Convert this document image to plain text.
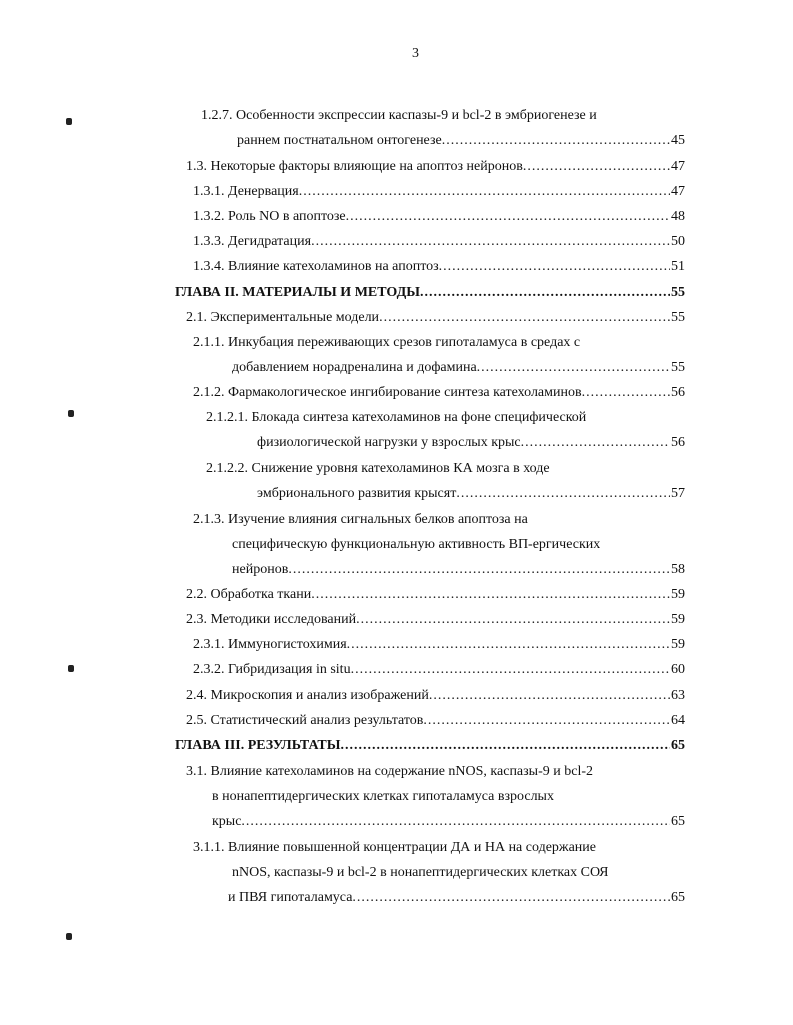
3
1.2.7. Особенности экспрессии каспазы-9 и bcl-2 в эмбриогенезе и
раннем постнатальном онтогенезе .....	45
1.3. Некоторые факторы влияющие на апоптоз нейронов .....	47
1.3.1. Денервация .....	47
1.3.2. Роль NO в апоптозе .....	48
1.3.3. Дегидратация .....	50
1.3.4. Влияние катехоламинов на апоптоз .....	51
ГЛАВА II. МАТЕРИАЛЫ И МЕТОДЫ .....	55
2.1. Экспериментальные модели .....	55
2.1.1. Инкубация переживающих срезов гипоталамуса в средах с
добавлением норадреналина и дофамина .....	55
2.1.2. Фармакологическое ингибирование синтеза катехоламинов .....	56
2.1.2.1. Блокада синтеза катехоламинов на фоне специфической
физиологической нагрузки у взрослых крыс .....	56
2.1.2.2. Снижение уровня катехоламинов КА мозга в ходе
эмбрионального развития крысят .....	57
2.1.3. Изучение влияния сигнальных белков апоптоза на
специфическую функциональную активность ВП-ергических
нейронов .....	58
2.2. Обработка ткани .....	59
2.3. Методики исследований .....	59
2.3.1. Иммуногистохимия .....	59
2.3.2. Гибридизация in situ .....	60
2.4. Микроскопия и анализ изображений .....	63
2.5. Статистический анализ результатов .....	64
ГЛАВА III. РЕЗУЛЬТАТЫ .....	65
3.1. Влияние катехоламинов на содержание nNOS, каспазы-9 и bcl-2
в нонапептидергических клетках гипоталамуса взрослых
крыс .....	65
3.1.1. Влияние повышенной концентрации ДА и НА на содержание
nNOS, каспазы-9 и bcl-2 в нонапептидергических клетках СОЯ
и ПВЯ гипоталамуса .....	65
